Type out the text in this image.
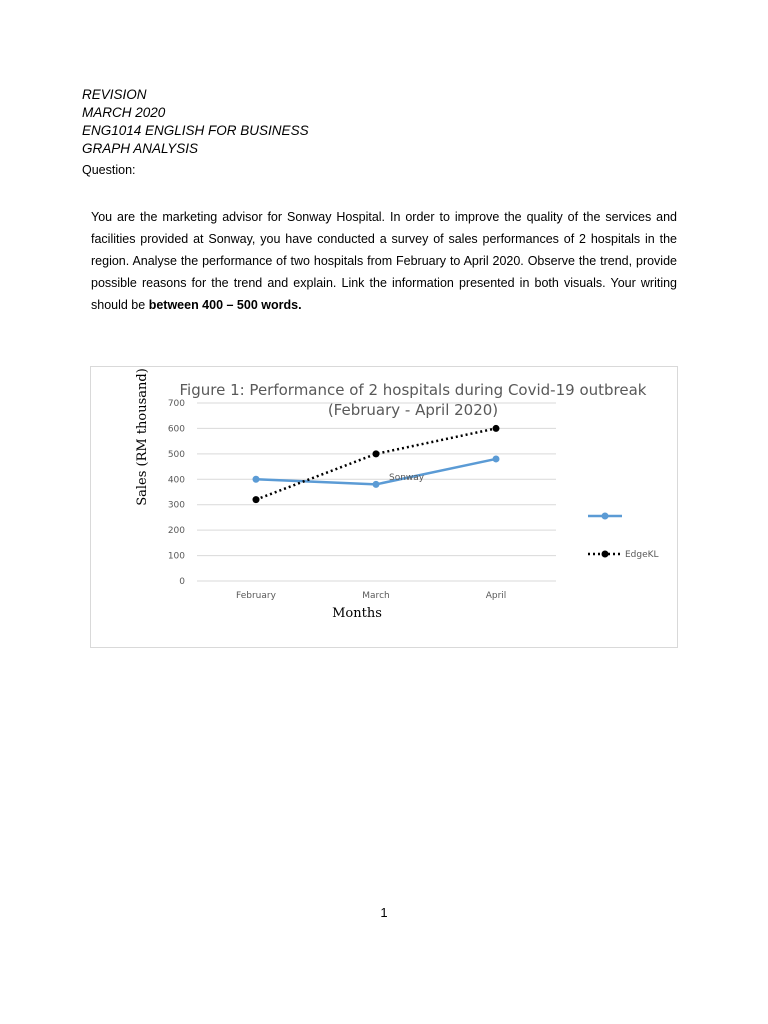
REVISION
MARCH 2020
ENG1014 ENGLISH FOR BUSINESS
GRAPH ANALYSIS
Question:
You are the marketing advisor for Sonway Hospital. In order to improve the quality of the services and facilities provided at Sonway, you have conducted a survey of sales performances of 2 hospitals in the region. Analyse the performance of two hospitals from February to April 2020. Observe the trend, provide possible reasons for the trend and explain. Link the information presented in both visuals. Your writing should be between 400 – 500 words.
Figure 1: Performance of 2 hospitals during Covid-19 outbreak
(February - April 2020)
0
100
200
300
400
500
600
700
February	March	April
Months
Sales (RM thousand)	Sonway
EdgeKL
1
